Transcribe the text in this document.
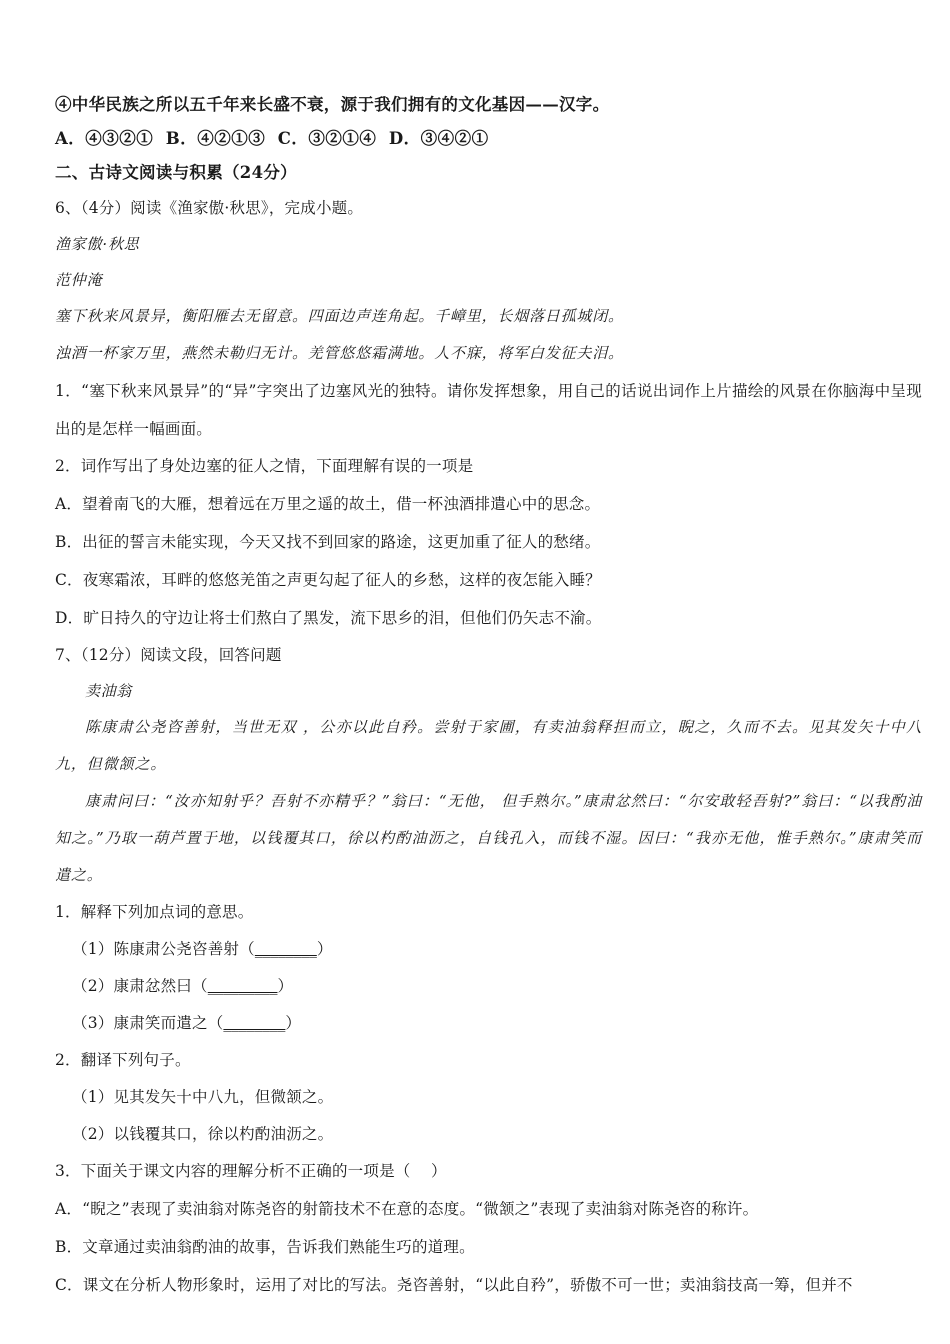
④中华民族之所以五千年来长盛不衰，源于我们拥有的文化基因——汉字。
A．④③②①  B．④②①③  C．③②①④  D．③④②①
二、古诗文阅读与积累（24分）
6、（4分）阅读《渔家傲·秋思》，完成小题。
渔家傲·秋思
范仲淹
塞下秋来风景异，衡阳雁去无留意。四面边声连角起。千嶂里，长烟落日孤城闭。
浊酒一杯家万里，燕然未勒归无计。羌管悠悠霜满地。人不寐，将军白发征夫泪。
1．“塞下秋来风景异”的“异”字突出了边塞风光的独特。请你发挥想象，用自己的话说出词作上片描绘的风景在你脑海中呈现出的是怎样一幅画面。
2．词作写出了身处边塞的征人之情，下面理解有误的一项是
A．望着南飞的大雁，想着远在万里之遥的故土，借一杯浊酒排遣心中的思念。
B．出征的誓言未能实现，今天又找不到回家的路途，这更加重了征人的愁绪。
C．夜寒霜浓，耳畔的悠悠羌笛之声更勾起了征人的乡愁，这样的夜怎能入睡？
D．旷日持久的守边让将士们熬白了黑发，流下思乡的泪，但他们仍矢志不渝。
7、（12分）阅读文段，回答问题
卖油翁
陈康肃公尧咨善射，当世无双 ，公亦以此自矜。尝射于家圃，有卖油翁释担而立，睨之，久而不去。见其发矢十中八九，但微颔之。
康肃问曰：“汝亦知射乎？吾射不亦精乎？”翁曰：“无他， 但手熟尔。”康肃忿然曰：“尔安敢轻吾射?”翁曰：“以我酌油知之。”乃取一葫芦置于地，以钱覆其口，徐以杓酌油沥之，自钱孔入，而钱不湿。因曰：“我亦无他，惟手熟尔。”康肃笑而遣之。
1．解释下列加点词的意思。
（1）陈康肃公尧咨善射（________）
（2）康肃忿然曰（_________）
（3）康肃笑而遣之（________）
2．翻译下列句子。
（1）见其发矢十中八九，但微颔之。
（2）以钱覆其口，徐以杓酌油沥之。
3．下面关于课文内容的理解分析不正确的一项是（    ）
A．“睨之”表现了卖油翁对陈尧咨的射箭技术不在意的态度。“微颔之”表现了卖油翁对陈尧咨的称许。
B．文章通过卖油翁酌油的故事，告诉我们熟能生巧的道理。
C．课文在分析人物形象时，运用了对比的写法。尧咨善射，“以此自矜”，骄傲不可一世；卖油翁技高一筹，但并不
